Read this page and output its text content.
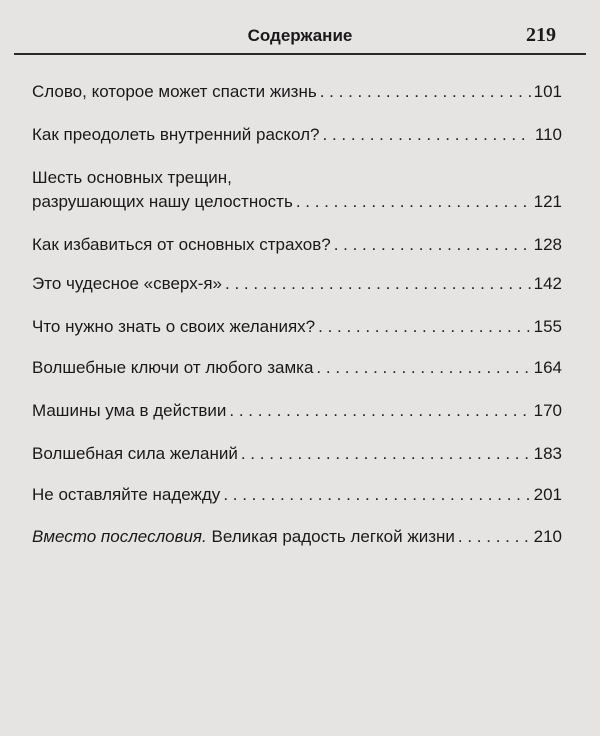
Содержание	219
Слово, которое может спасти жизнь . . .	101
Как преодолеть внутренний раскол? . . .	110
Шесть основных трещин,
разрушающих нашу целостность . . .	121
Как избавиться от основных страхов? . . .	128
Это чудесное «сверх-я» . . .	142
Что нужно знать о своих желаниях? . . .	155
Волшебные ключи от любого замка . . .	164
Машины ума в действии . . .	170
Волшебная сила желаний . . .	183
Не оставляйте надежду . . .	201
Вместо послесловия. Великая радость легкой жизни . . .	210
